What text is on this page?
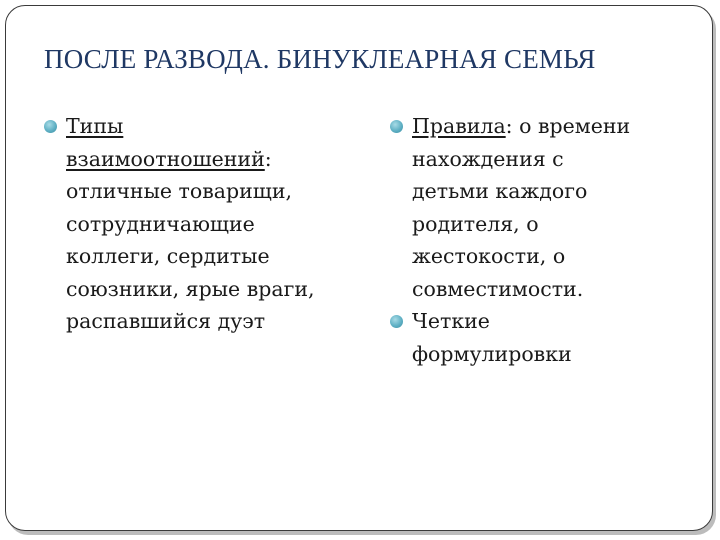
ПОСЛЕ РАЗВОДА. БИНУКЛЕАРНАЯ СЕМЬЯ
Типы
взаимоотношений:
отличные товарищи,
сотрудничающие
коллеги, сердитые
союзники, ярые враги,
распавшийся дуэт
Правила: о времени
нахождения с
детьми каждого
родителя, о
жестокости, о
совместимости.
Четкие
формулировки
